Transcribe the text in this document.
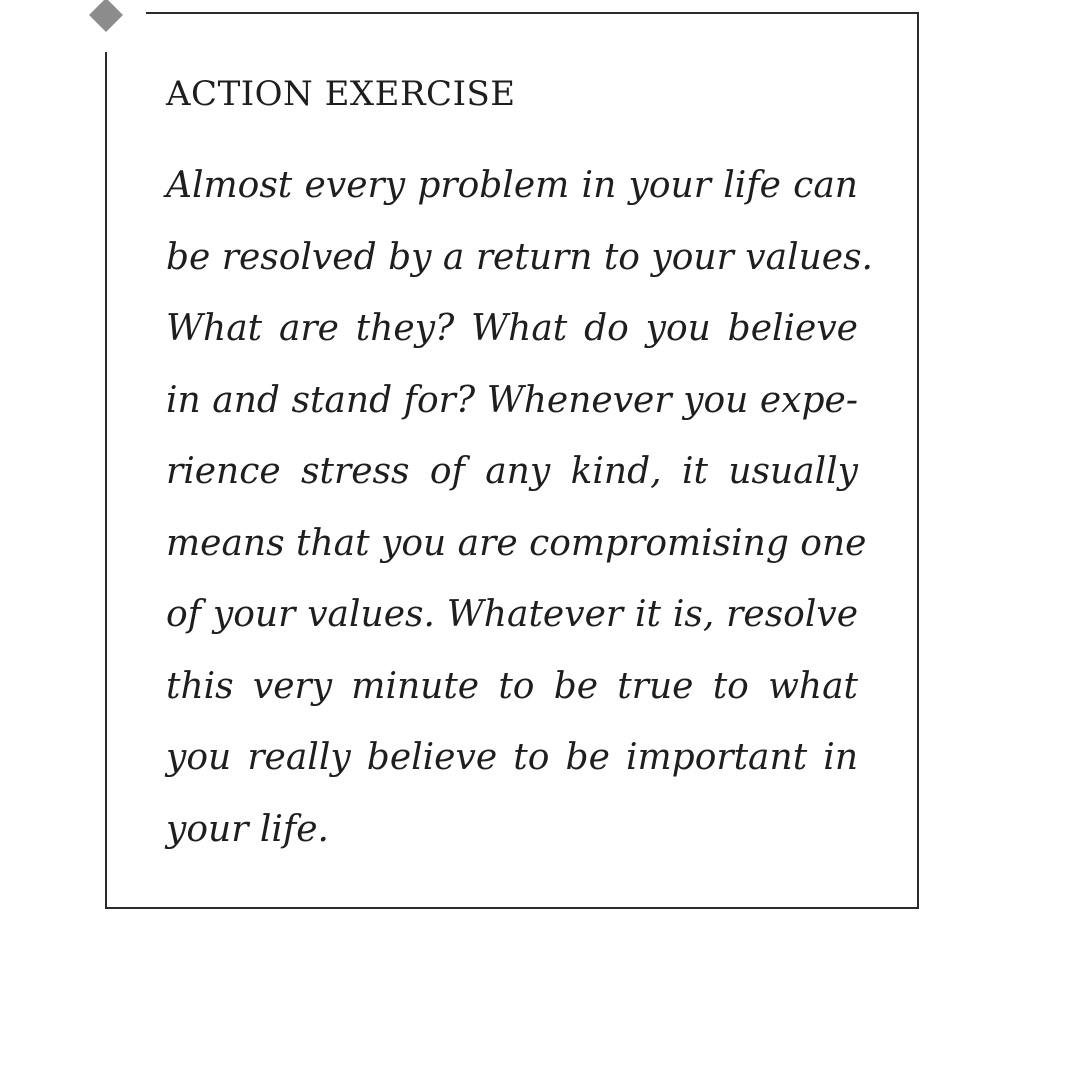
ACTION EXERCISE

Almost every problem in your life can
be resolved by a return to your values.
What are they? What do you believe
in and stand for? Whenever you expe-
rience stress of any kind, it usually
means that you are compromising one
of your values. Whatever it is, resolve
this very minute to be true to what
you really believe to be important in
your life.
